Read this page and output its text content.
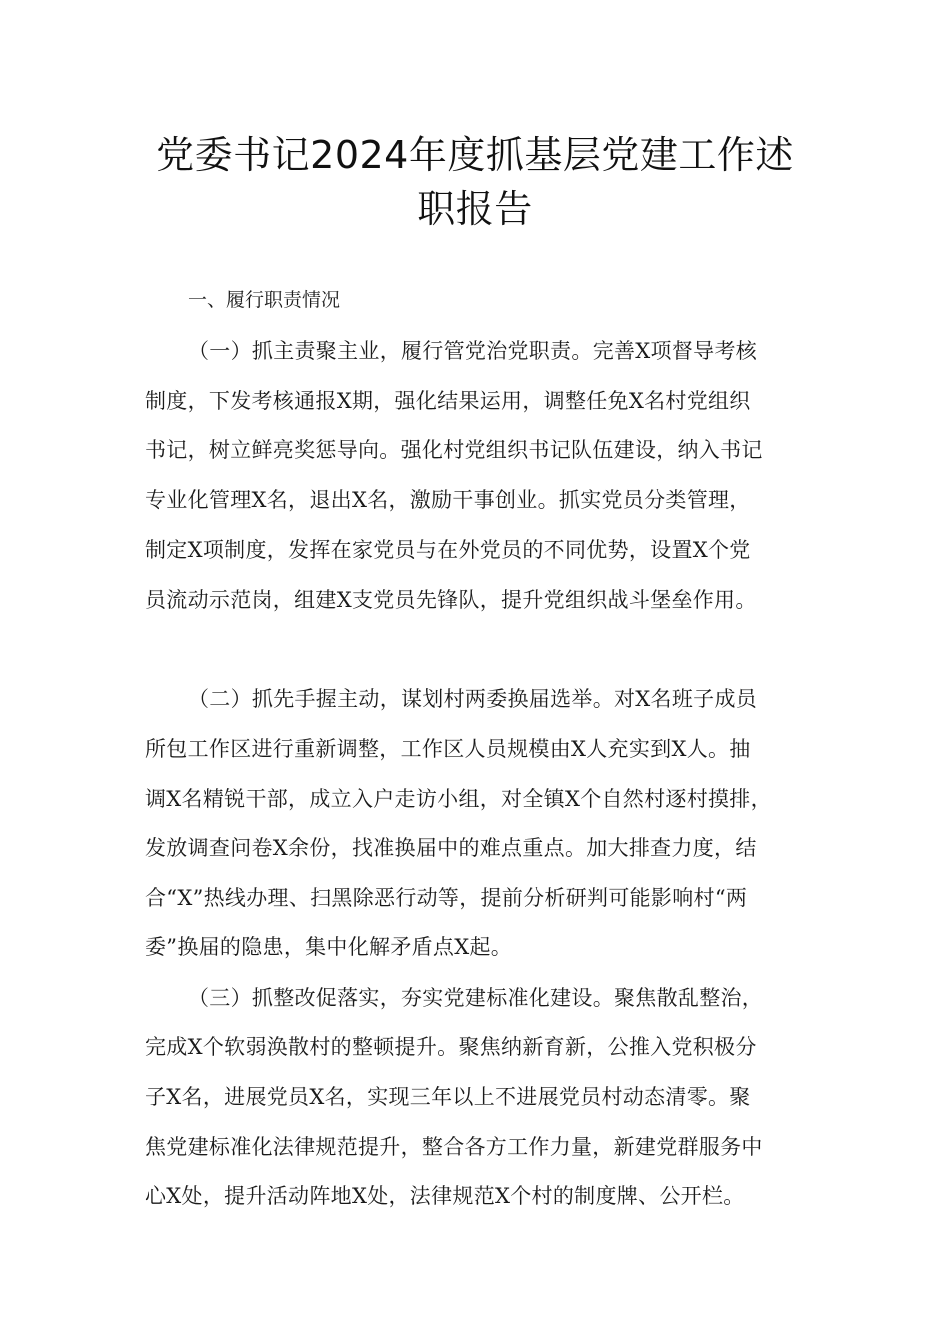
党委书记2024年度抓基层党建工作述
职报告
一、履行职责情况
（一）抓主责聚主业，履行管党治党职责。完善X项督导考核
制度，下发考核通报X期，强化结果运用，调整任免X名村党组织
书记，树立鲜亮奖惩导向。强化村党组织书记队伍建设，纳入书记
专业化管理X名，退出X名，激励干事创业。抓实党员分类管理，
制定X项制度，发挥在家党员与在外党员的不同优势，设置X个党
员流动示范岗，组建X支党员先锋队，提升党组织战斗堡垒作用。
（二）抓先手握主动，谋划村两委换届选举。对X名班子成员
所包工作区进行重新调整，工作区人员规模由X人充实到X人。抽
调X名精锐干部，成立入户走访小组，对全镇X个自然村逐村摸排，
发放调查问卷X余份，找准换届中的难点重点。加大排查力度，结
合“X”热线办理、扫黑除恶行动等，提前分析研判可能影响村“两
委”换届的隐患，集中化解矛盾点X起。
（三）抓整改促落实，夯实党建标准化建设。聚焦散乱整治，
完成X个软弱涣散村的整顿提升。聚焦纳新育新，公推入党积极分
子X名，进展党员X名，实现三年以上不进展党员村动态清零。聚
焦党建标准化法律规范提升，整合各方工作力量，新建党群服务中
心X处，提升活动阵地X处，法律规范X个村的制度牌、公开栏。
